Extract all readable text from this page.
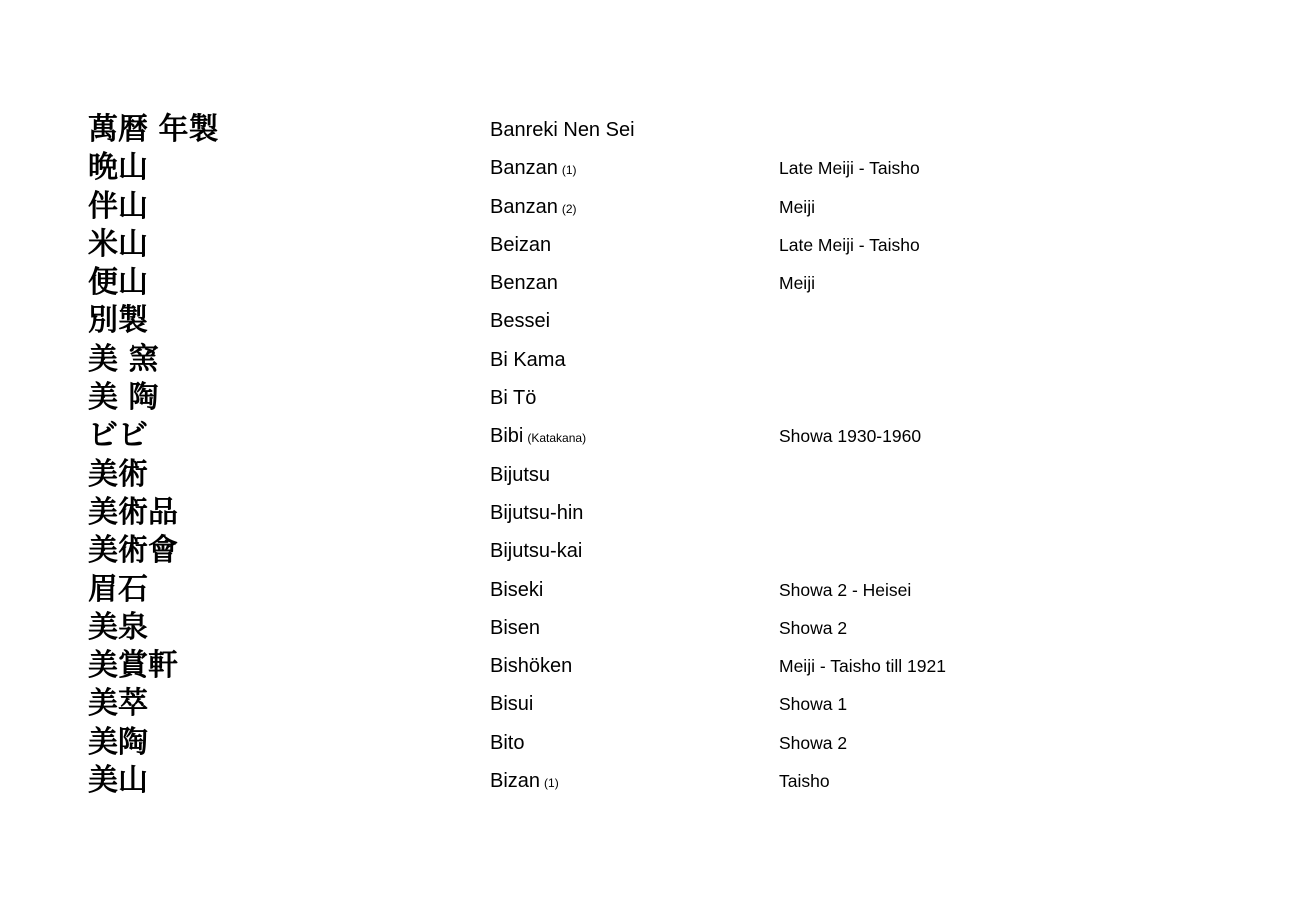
萬暦 年製	Banreki Nen Sei
晩山	Banzan (1)	Late Meiji - Taisho
伴山	Banzan (2)	Meiji
米山	Beizan	Late Meiji - Taisho
便山	Benzan	Meiji
別製	Bessei
美 窯	Bi Kama
美 陶	Bi Tö
ビビ	Bibi (Katakana)	Showa 1930-1960
美術	Bijutsu
美術品	Bijutsu-hin
美術會	Bijutsu-kai
眉石	Biseki	Showa 2 - Heisei
美泉	Bisen	Showa 2
美賞軒	Bishöken	Meiji - Taisho till 1921
美萃	Bisui	Showa 1
美陶	Bito	Showa 2
美山	Bizan (1)	Taisho
